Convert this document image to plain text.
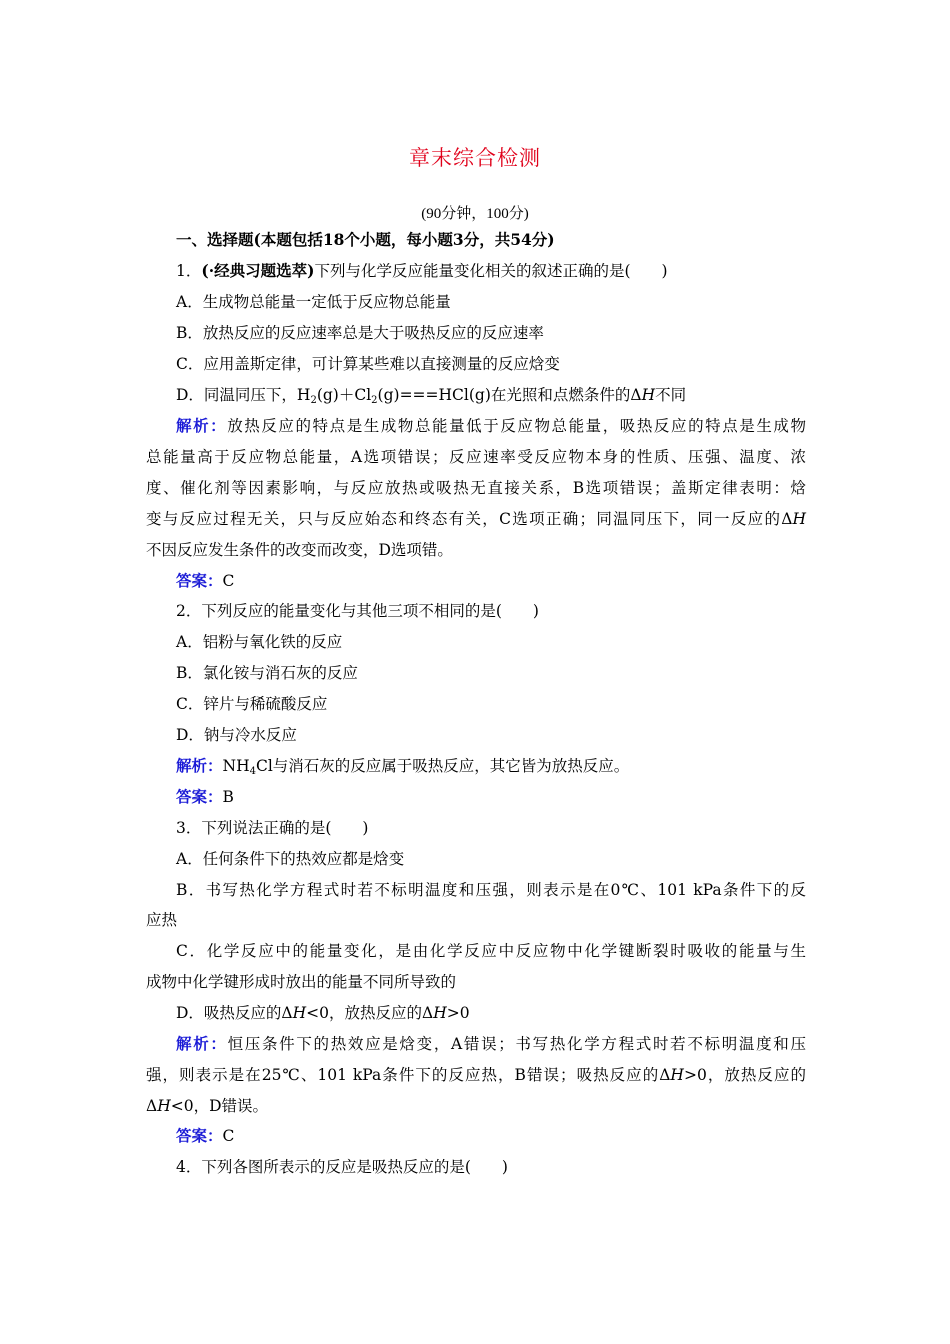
章末综合检测
(90分钟，100分)
一、选择题(本题包括18个小题，每小题3分，共54分)
1．(·经典习题选萃)下列与化学反应能量变化相关的叙述正确的是(　　)
A．生成物总能量一定低于反应物总能量
B．放热反应的反应速率总是大于吸热反应的反应速率
C．应用盖斯定律，可计算某些难以直接测量的反应焓变
D．同温同压下，$H_2(g)+Cl_2(g)===HCl(g)$在光照和点燃条件的ΔH不同
解析：放热反应的特点是生成物总能量低于反应物总能量，吸热反应的特点是生成物
总能量高于反应物总能量，A选项错误；反应速率受反应物本身的性质、压强、温度、浓
度、催化剂等因素影响，与反应放热或吸热无直接关系，B选项错误；盖斯定律表明：焓
变与反应过程无关，只与反应始态和终态有关，C选项正确；同温同压下，同一反应的ΔH
不因反应发生条件的改变而改变，D选项错。
答案：C
2．下列反应的能量变化与其他三项不相同的是(　　)
A．铝粉与氧化铁的反应
B．氯化铵与消石灰的反应
C．锌片与稀硫酸反应
D．钠与冷水反应
解析：$NH_4Cl$与消石灰的反应属于吸热反应，其它皆为放热反应。
答案：B
3．下列说法正确的是(　　)
A．任何条件下的热效应都是焓变
B．书写热化学方程式时若不标明温度和压强，则表示是在0℃、101 kPa条件下的反
应热
C．化学反应中的能量变化，是由化学反应中反应物中化学键断裂时吸收的能量与生
成物中化学键形成时放出的能量不同所导致的
D．吸热反应的ΔH<0，放热反应的ΔH>0
解析：恒压条件下的热效应是焓变，A错误；书写热化学方程式时若不标明温度和压
强，则表示是在25℃、101 kPa条件下的反应热，B错误；吸热反应的ΔH>0，放热反应的
ΔH<0，D错误。
答案：C
4．下列各图所表示的反应是吸热反应的是(　　)
